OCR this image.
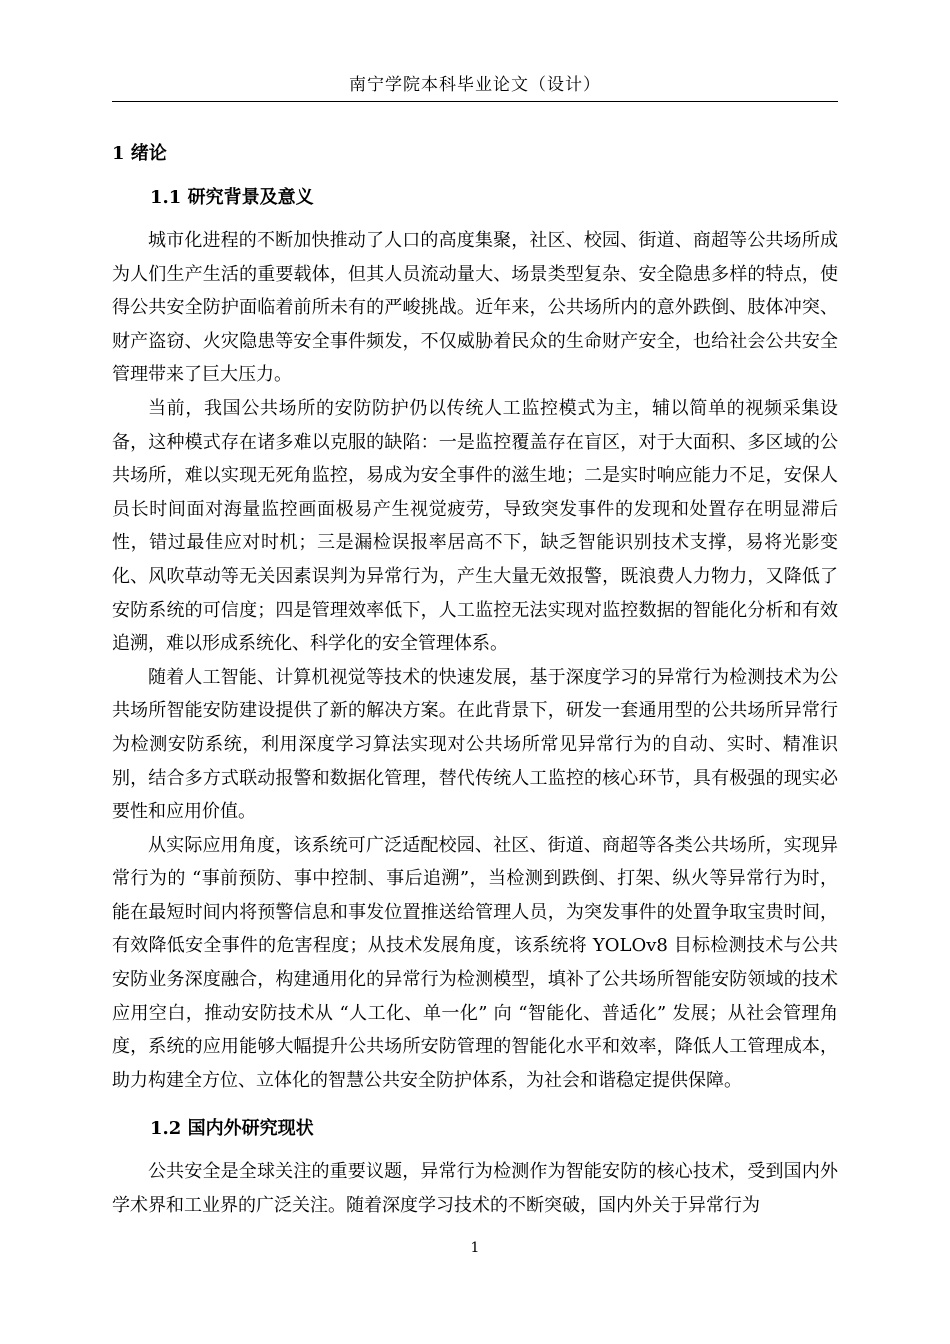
南宁学院本科毕业论文（设计）
1 绪论
1.1 研究背景及意义

城市化进程的不断加快推动了人口的高度集聚，社区、校园、街道、商超等公共场所成为人们生产生活的重要载体，但其人员流动量大、场景类型复杂、安全隐患多样的特点，使得公共安全防护面临着前所未有的严峻挑战。近年来，公共场所内的意外跌倒、肢体冲突、财产盗窃、火灾隐患等安全事件频发，不仅威胁着民众的生命财产安全，也给社会公共安全管理带来了巨大压力。

当前，我国公共场所的安防防护仍以传统人工监控模式为主，辅以简单的视频采集设备，这种模式存在诸多难以克服的缺陷：一是监控覆盖存在盲区，对于大面积、多区域的公共场所，难以实现无死角监控，易成为安全事件的滋生地；二是实时响应能力不足，安保人员长时间面对海量监控画面极易产生视觉疲劳，导致突发事件的发现和处置存在明显滞后性，错过最佳应对时机；三是漏检误报率居高不下，缺乏智能识别技术支撑，易将光影变化、风吹草动等无关因素误判为异常行为，产生大量无效报警，既浪费人力物力，又降低了安防系统的可信度；四是管理效率低下，人工监控无法实现对监控数据的智能化分析和有效追溯，难以形成系统化、科学化的安全管理体系。

随着人工智能、计算机视觉等技术的快速发展，基于深度学习的异常行为检测技术为公共场所智能安防建设提供了新的解决方案。在此背景下，研发一套通用型的公共场所异常行为检测安防系统，利用深度学习算法实现对公共场所常见异常行为的自动、实时、精准识别，结合多方式联动报警和数据化管理，替代传统人工监控的核心环节，具有极强的现实必要性和应用价值。

从实际应用角度，该系统可广泛适配校园、社区、街道、商超等各类公共场所，实现异常行为的 “事前预防、事中控制、事后追溯”，当检测到跌倒、打架、纵火等异常行为时，能在最短时间内将预警信息和事发位置推送给管理人员，为突发事件的处置争取宝贵时间，有效降低安全事件的危害程度；从技术发展角度，该系统将 YOLOv8 目标检测技术与公共安防业务深度融合，构建通用化的异常行为检测模型，填补了公共场所智能安防领域的技术应用空白，推动安防技术从 “人工化、单一化” 向 “智能化、普适化” 发展；从社会管理角度，系统的应用能够大幅提升公共场所安防管理的智能化水平和效率，降低人工管理成本，助力构建全方位、立体化的智慧公共安全防护体系，为社会和谐稳定提供保障。

1.2 国内外研究现状

公共安全是全球关注的重要议题，异常行为检测作为智能安防的核心技术，受到国内外学术界和工业界的广泛关注。随着深度学习技术的不断突破，国内外关于异常行为

1
